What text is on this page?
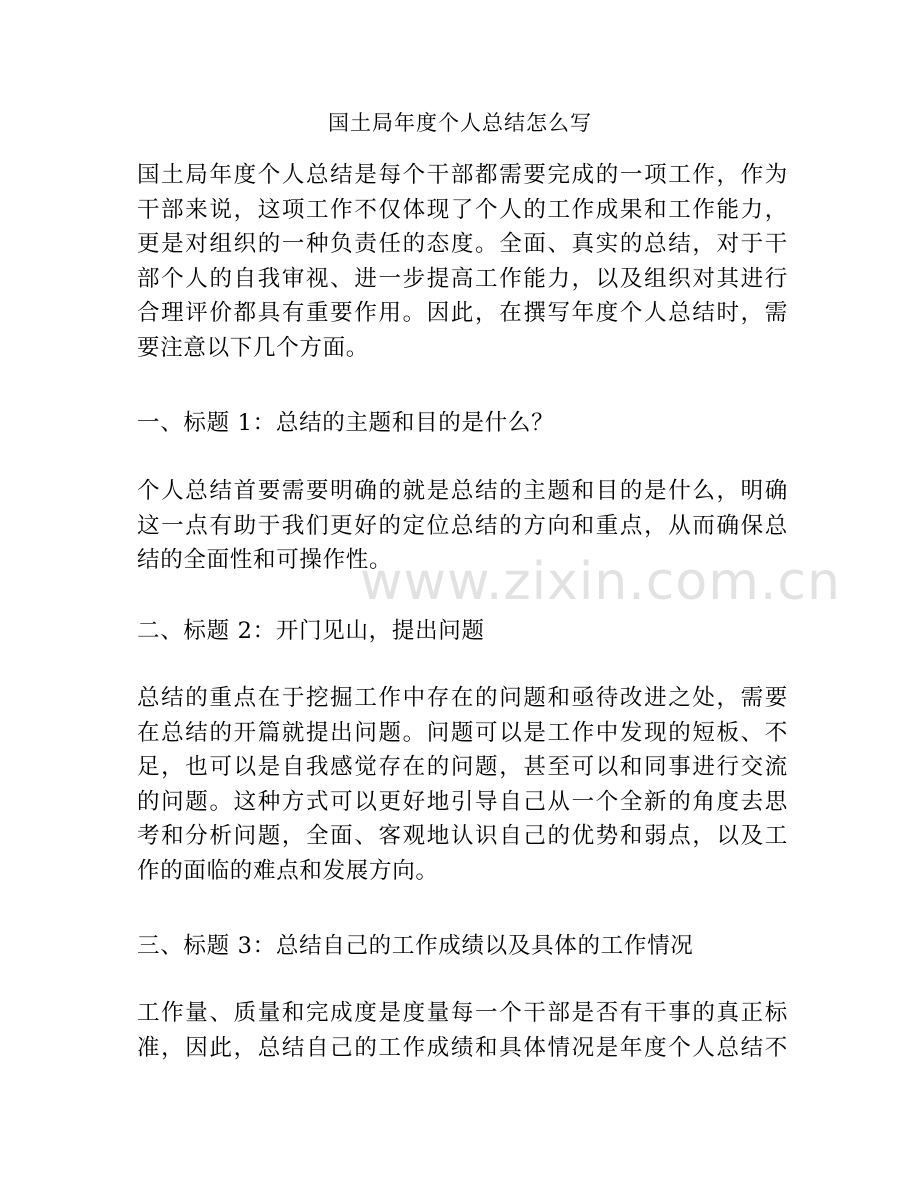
国土局年度个人总结怎么写

国土局年度个人总结是每个干部都需要完成的一项工作，作为
干部来说，这项工作不仅体现了个人的工作成果和工作能力，
更是对组织的一种负责任的态度。全面、真实的总结，对于干
部个人的自我审视、进一步提高工作能力，以及组织对其进行
合理评价都具有重要作用。因此，在撰写年度个人总结时，需
要注意以下几个方面。

一、标题 1：总结的主题和目的是什么？

个人总结首要需要明确的就是总结的主题和目的是什么，明确
这一点有助于我们更好的定位总结的方向和重点，从而确保总
结的全面性和可操作性。

二、标题 2：开门见山，提出问题

总结的重点在于挖掘工作中存在的问题和亟待改进之处，需要
在总结的开篇就提出问题。问题可以是工作中发现的短板、不
足，也可以是自我感觉存在的问题，甚至可以和同事进行交流
的问题。这种方式可以更好地引导自己从一个全新的角度去思
考和分析问题，全面、客观地认识自己的优势和弱点，以及工
作的面临的难点和发展方向。

三、标题 3：总结自己的工作成绩以及具体的工作情况

工作量、质量和完成度是度量每一个干部是否有干事的真正标
准，因此，总结自己的工作成绩和具体情况是年度个人总结不

www.zixin.com.cn
